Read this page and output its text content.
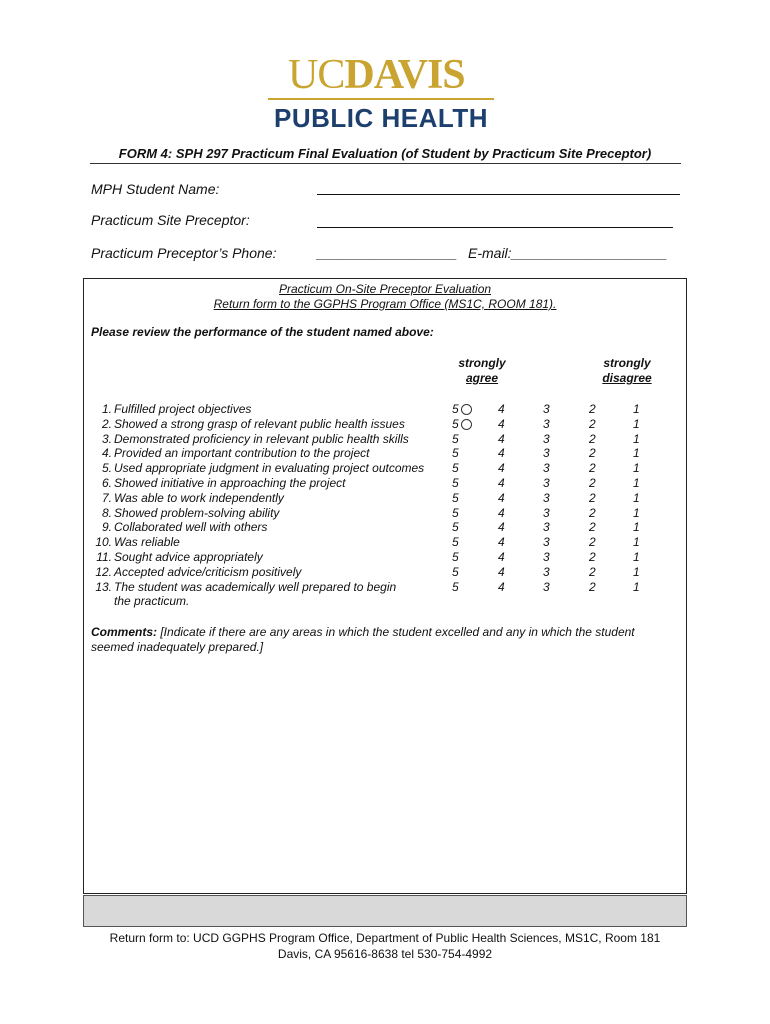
UCDAVIS
PUBLIC HEALTH
FORM 4: SPH 297 Practicum Final Evaluation (of Student by Practicum Site Preceptor)
MPH Student Name:
Practicum Site Preceptor:
Practicum Preceptor’s Phone:	__________________ E-mail:____________________
Practicum On-Site Preceptor Evaluation
Return form to the GGPHS Program Office (MS1C, ROOM 181).
Please review the performance of the student named above:
strongly
agree
strongly
disagree
1. Fulfilled project objectives	5	4	3	2	1
2. Showed a strong grasp of relevant public health issues	5	4	3	2	1
3. Demonstrated proficiency in relevant public health skills	5	4	3	2	1
4. Provided an important contribution to the project	5	4	3	2	1
5. Used appropriate judgment in evaluating project outcomes 5	4	3	2	1
6. Showed initiative in approaching the project	5	4	3	2	1
7. Was able to work independently	5	4	3	2	1
8. Showed problem-solving ability	5	4	3	2	1
9. Collaborated well with others	5	4	3	2	1
10. Was reliable	5	4	3	2	1
11. Sought advice appropriately	5	4	3	2	1
12. Accepted advice/criticism positively	5	4	3	2	1
13. The student was academically well prepared to begin
the practicum.
5	4	3	2	1
Comments: [Indicate if there are any areas in which the student excelled and any in which the student seemed inadequately prepared.]
Return form to: UCD GGPHS Program Office, Department of Public Health Sciences, MS1C, Room 181
Davis, CA 95616-8638 tel 530-754-4992
